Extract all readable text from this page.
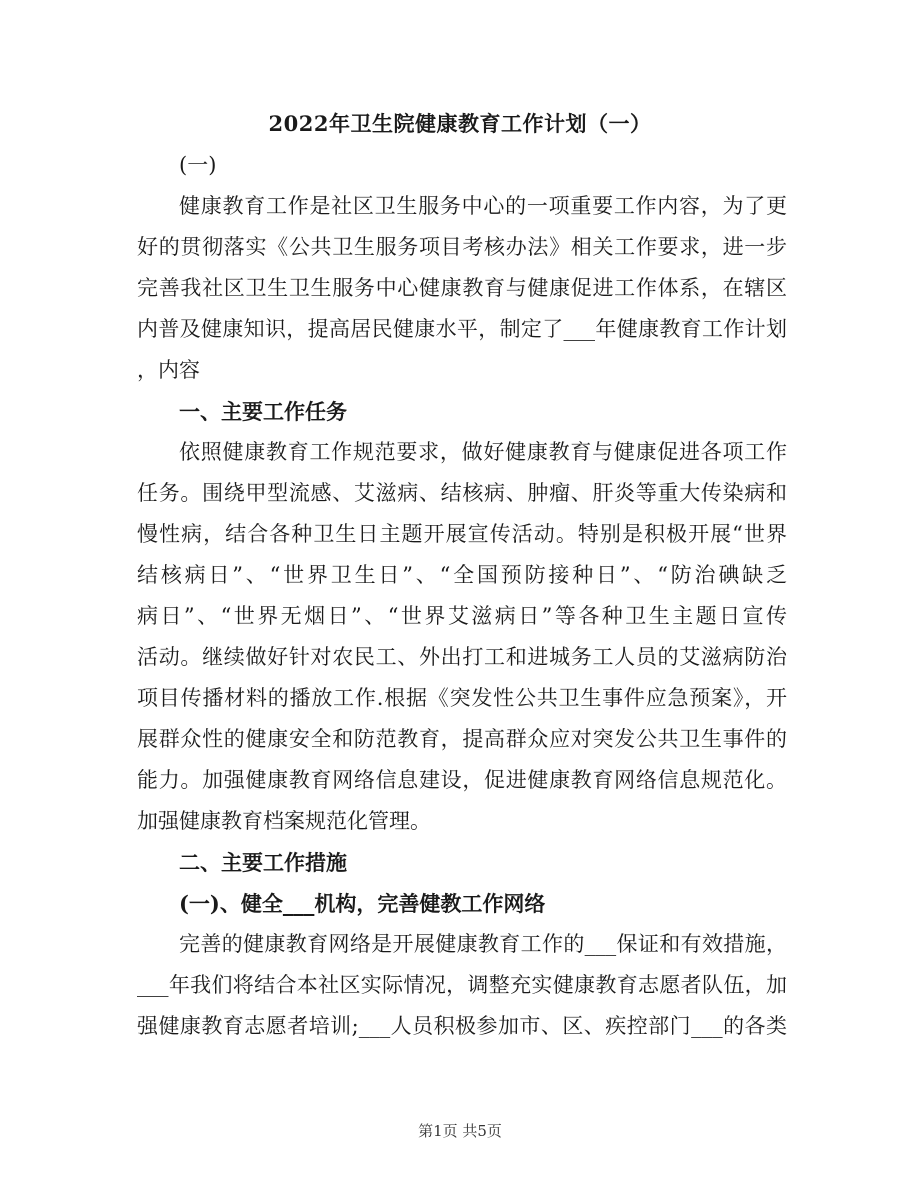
2022年卫生院健康教育工作计划（一）
(一)
健康教育工作是社区卫生服务中心的一项重要工作内容，为了更
好的贯彻落实《公共卫生服务项目考核办法》相关工作要求，进一步
完善我社区卫生卫生服务中心健康教育与健康促进工作体系，在辖区
内普及健康知识，提高居民健康水平，制定了___年健康教育工作计划
，内容
一、主要工作任务
依照健康教育工作规范要求，做好健康教育与健康促进各项工作
任务。围绕甲型流感、艾滋病、结核病、肿瘤、肝炎等重大传染病和
慢性病，结合各种卫生日主题开展宣传活动。特别是积极开展“世界
结核病日”、“世界卫生日”、“全国预防接种日”、“防治碘缺乏
病日”、“世界无烟日”、“世界艾滋病日”等各种卫生主题日宣传
活动。继续做好针对农民工、外出打工和进城务工人员的艾滋病防治
项目传播材料的播放工作.根据《突发性公共卫生事件应急预案》，开
展群众性的健康安全和防范教育，提高群众应对突发公共卫生事件的
能力。加强健康教育网络信息建设，促进健康教育网络信息规范化。
加强健康教育档案规范化管理。
二、主要工作措施
(一)、健全___机构，完善健教工作网络
完善的健康教育网络是开展健康教育工作的___保证和有效措施，
___年我们将结合本社区实际情况，调整充实健康教育志愿者队伍，加
强健康教育志愿者培训;___人员积极参加市、区、疾控部门___的各类
第1页 共5页
